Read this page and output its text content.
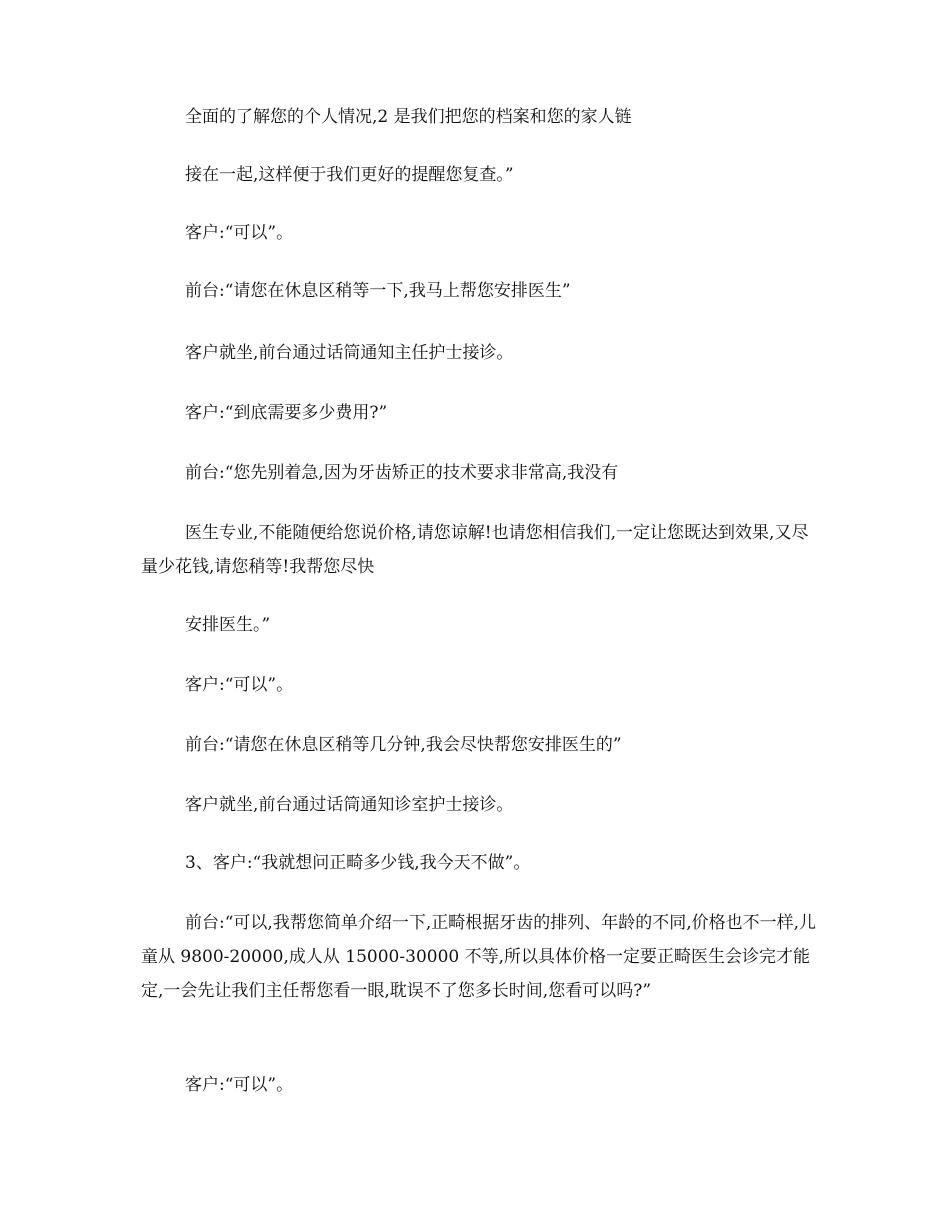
全面的了解您的个人情况,2 是我们把您的档案和您的家人链

接在一起,这样便于我们更好的提醒您复查。”

客户:“可以”。

前台:“请您在休息区稍等一下,我马上帮您安排医生”

客户就坐,前台通过话筒通知主任护士接诊。

客户:“到底需要多少费用?”

前台:“您先别着急,因为牙齿矫正的技术要求非常高,我没有

医生专业,不能随便给您说价格,请您谅解!也请您相信我们,一定让您既达到效果,又尽量少花钱,请您稍等!我帮您尽快

安排医生。”

客户:“可以”。

前台:“请您在休息区稍等几分钟,我会尽快帮您安排医生的”

客户就坐,前台通过话筒通知诊室护士接诊。

3、客户:“我就想问正畸多少钱,我今天不做”。

前台:“可以,我帮您简单介绍一下,正畸根据牙齿的排列、年龄的不同,价格也不一样,儿童从 9800-20000,成人从 15000-30000 不等,所以具体价格一定要正畸医生会诊完才能定,一会先让我们主任帮您看一眼,耽误不了您多长时间,您看可以吗?”

客户:“可以”。
